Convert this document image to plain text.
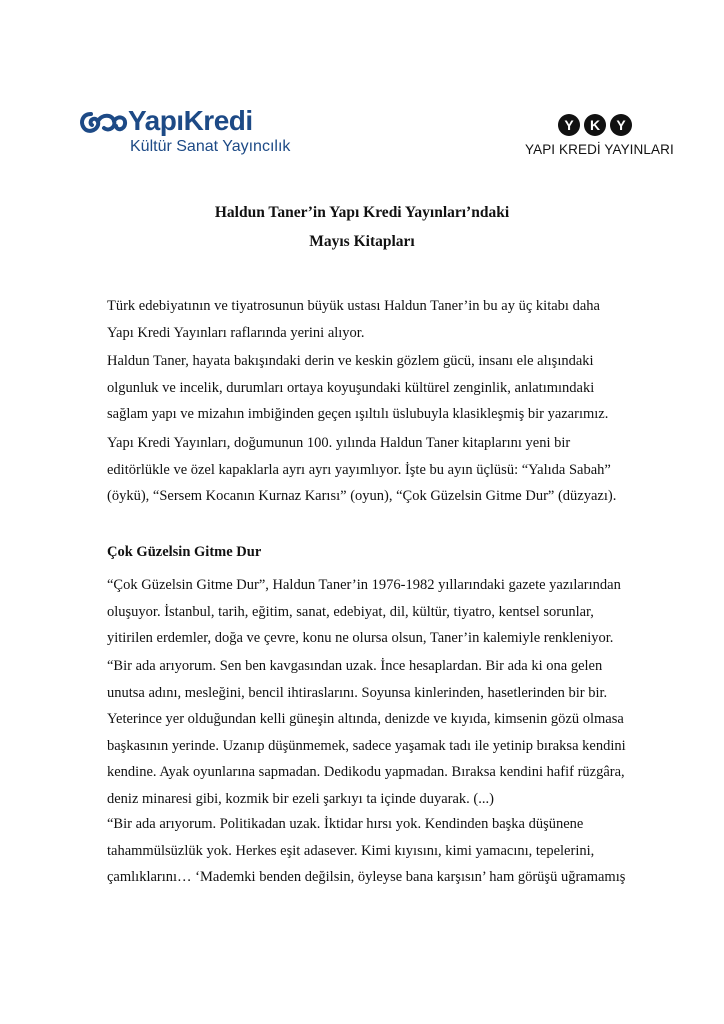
YapıKredi
Kültür Sanat Yayıncılık
Y	K	Y
YAPI KREDİ YAYINLARI
Haldun Taner’in Yapı Kredi Yayınları’ndaki
Mayıs Kitapları
Türk edebiyatının ve tiyatrosunun büyük ustası Haldun Taner’in bu ay üç kitabı daha
Yapı Kredi Yayınları raflarında yerini alıyor.
Haldun Taner, hayata bakışındaki derin ve keskin gözlem gücü, insanı ele alışındaki
olgunluk ve incelik, durumları ortaya koyuşundaki kültürel zenginlik, anlatımındaki
sağlam yapı ve mizahın imbiğinden geçen ışıltılı üslubuyla klasikleşmiş bir yazarımız.
Yapı Kredi Yayınları, doğumunun 100. yılında Haldun Taner kitaplarını yeni bir
editörlükle ve özel kapaklarla ayrı ayrı yayımlıyor. İşte bu ayın üçlüsü: “Yalıda Sabah”
(öykü), “Sersem Kocanın Kurnaz Karısı” (oyun), “Çok Güzelsin Gitme Dur” (düzyazı).
Çok Güzelsin Gitme Dur
“Çok Güzelsin Gitme Dur”, Haldun Taner’in 1976-1982 yıllarındaki gazete yazılarından
oluşuyor. İstanbul, tarih, eğitim, sanat, edebiyat, dil, kültür, tiyatro, kentsel sorunlar,
yitirilen erdemler, doğa ve çevre, konu ne olursa olsun, Taner’in kalemiyle renkleniyor.
“Bir ada arıyorum. Sen ben kavgasından uzak. İnce hesaplardan. Bir ada ki ona gelen
unutsa adını, mesleğini, bencil ihtiraslarını. Soyunsa kinlerinden, hasetlerinden bir bir.
Yeterince yer olduğundan kelli güneşin altında, denizde ve kıyıda, kimsenin gözü olmasa
başkasının yerinde. Uzanıp düşünmemek, sadece yaşamak tadı ile yetinip bıraksa kendini
kendine. Ayak oyunlarına sapmadan. Dedikodu yapmadan. Bıraksa kendini hafif rüzgâra,
deniz minaresi gibi, kozmik bir ezeli şarkıyı ta içinde duyarak. (...)
“Bir ada arıyorum. Politikadan uzak. İktidar hırsı yok. Kendinden başka düşünene
tahammülsüzlük yok. Herkes eşit adasever. Kimi kıyısını, kimi yamacını, tepelerini,
çamlıklarını… ‘Mademki benden değilsin, öyleyse bana karşısın’ ham görüşü uğramamış
